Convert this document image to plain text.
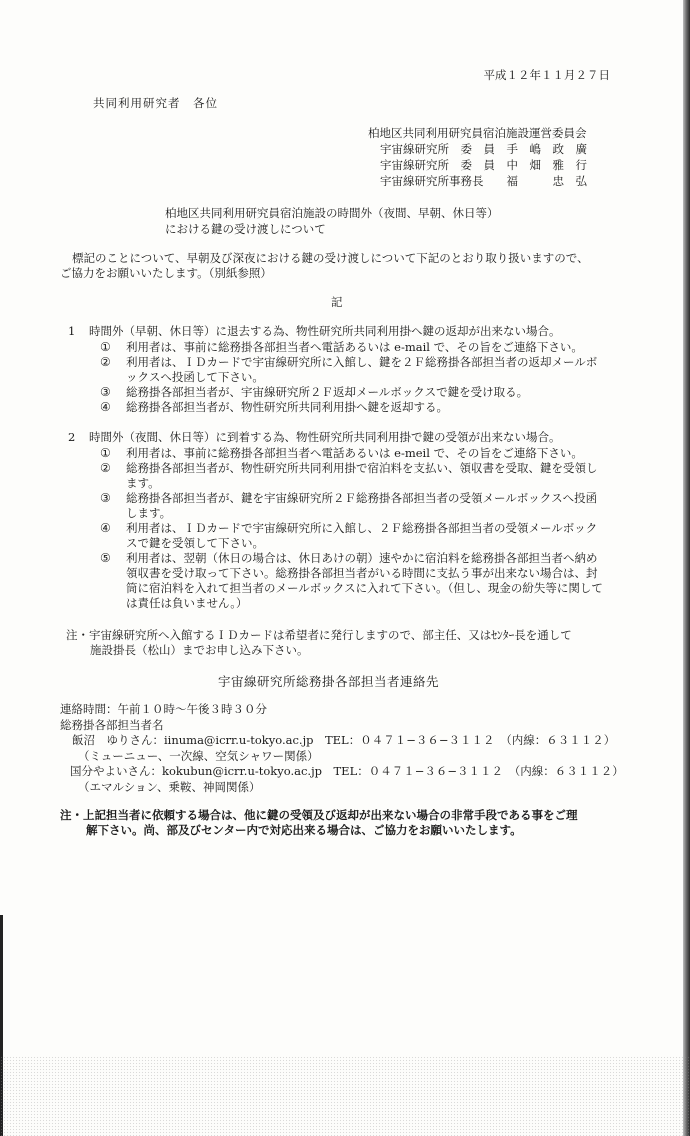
平成１２年１１月２７日
共同利用研究者　各位
柏地区共同利用研究員宿泊施設運営委員会
宇宙線研究所　委　員　手　嶋　政　廣
宇宙線研究所　委　員　中　畑　雅　行
宇宙線研究所事務長　　福　　　忠　弘
柏地区共同利用研究員宿泊施設の時間外（夜間、早朝、休日等）
における鍵の受け渡しについて

標記のことについて、早朝及び深夜における鍵の受け渡しについて下記のとおり取り扱いますので、

ご協力をお願いいたします。（別紙参照）

記
1 時間外（早朝、休日等）に退去する為、物性研究所共同利用掛へ鍵の返却が出来ない場合。
① 利用者は、事前に総務掛各部担当者へ電話あるいは e-mail で、その旨をご連絡下さい。
② 利用者は、ＩＤカードで宇宙線研究所に入館し、鍵を２Ｆ総務掛各部担当者の返却メールボックスへ投函して下さい。
③ 総務掛各部担当者が、宇宙線研究所２Ｆ返却メールボックスで鍵を受け取る。
④ 総務掛各部担当者が、物性研究所共同利用掛へ鍵を返却する。
2 時間外（夜間、休日等）に到着する為、物性研究所共同利用掛で鍵の受領が出来ない場合。
① 利用者は、事前に総務掛各部担当者へ電話あるいは e-meil で、その旨をご連絡下さい。
② 総務掛各部担当者が、物性研究所共同利用掛で宿泊料を支払い、領収書を受取、鍵を受領します。
③ 総務掛各部担当者が、鍵を宇宙線研究所２Ｆ総務掛各部担当者の受領メールボックスへ投函します。
④ 利用者は、ＩＤカードで宇宙線研究所に入館し、２Ｆ総務掛各部担当者の受領メールボックスで鍵を受領して下さい。
⑤ 利用者は、翌朝（休日の場合は、休日あけの朝）速やかに宿泊料を総務掛各部担当者へ納め領収書を受け取って下さい。総務掛各部担当者がいる時間に支払う事が出来ない場合は、封筒に宿泊料を入れて担当者のメールボックスに入れて下さい。（但し、現金の紛失等に関しては責任は負いません。）
注・宇宙線研究所へ入館するＩＤカードは希望者に発行しますので、部主任、又はｾﾝﾀｰ長を通して
施設掛長（松山）までお申し込み下さい。
宇宙線研究所総務掛各部担当者連絡先
連絡時間：午前１０時〜午後３時３０分
総務掛各部担当者名
飯沼　ゆりさん：iinuma@icrr.u-tokyo.ac.jp　TEL：０４７１−３６−３１１２　（内線：６３１１２）
（ミューニュー、一次線、空気シャワー関係）
国分やよいさん：kokubun@icrr.u-tokyo.ac.jp　TEL：０４７１−３６−３１１２　（内線：６３１１２）
（エマルション、乗鞍、神岡関係）
注・上記担当者に依頼する場合は、他に鍵の受領及び返却が出来ない場合の非常手段である事をご理
解下さい。尚、部及びセンター内で対応出来る場合は、ご協力をお願いいたします。
